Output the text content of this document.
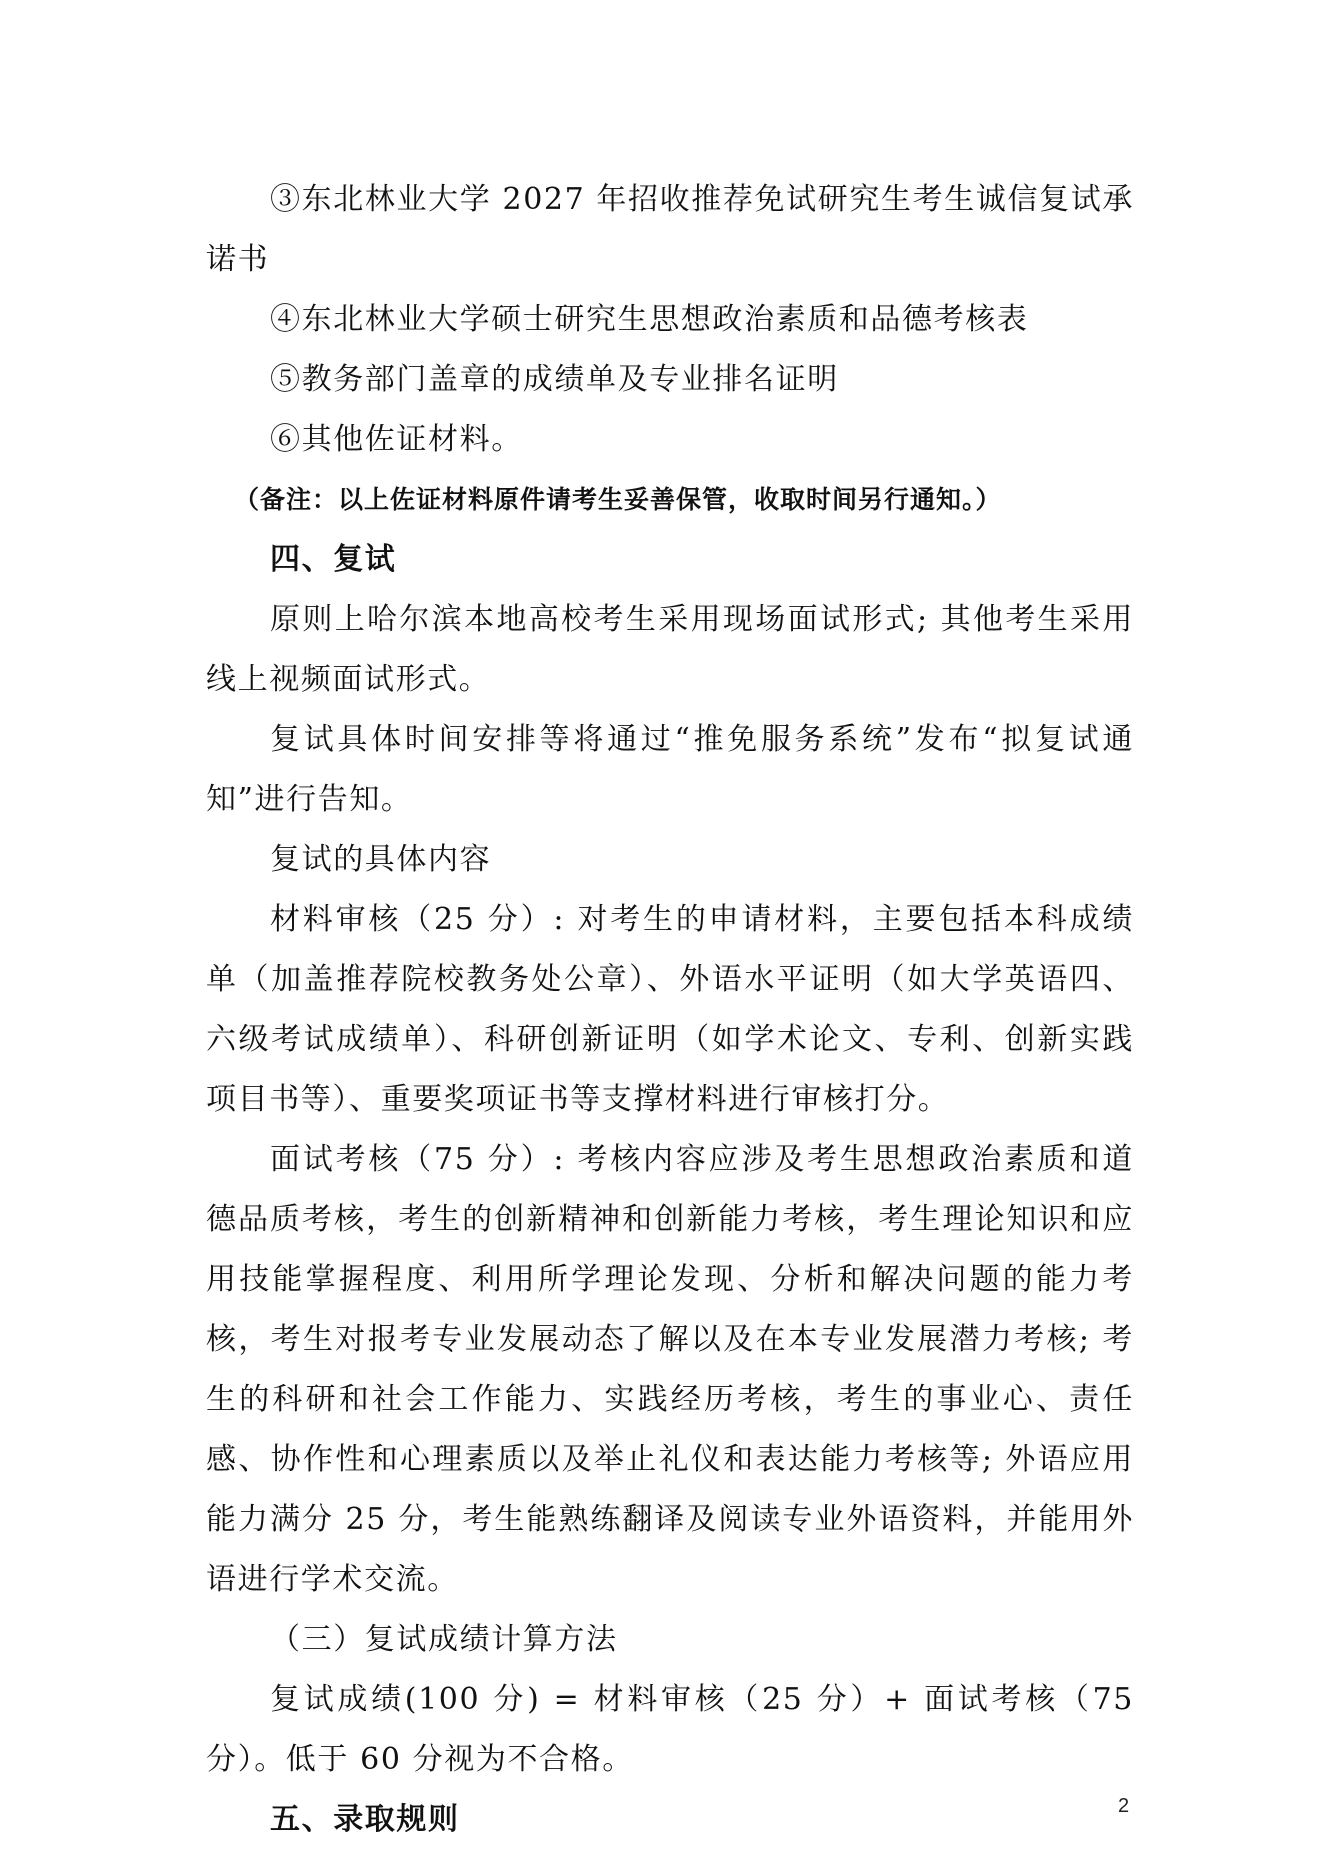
③东北林业大学 2027 年招收推荐免试研究生考生诚信复试承诺书

④东北林业大学硕士研究生思想政治素质和品德考核表

⑤教务部门盖章的成绩单及专业排名证明

⑥其他佐证材料。

（备注：以上佐证材料原件请考生妥善保管，收取时间另行通知。）

四、复试

原则上哈尔滨本地高校考生采用现场面试形式; 其他考生采用线上视频面试形式。

复试具体时间安排等将通过“推免服务系统”发布“拟复试通知”进行告知。

复试的具体内容

材料审核（25 分）: 对考生的申请材料，主要包括本科成绩单（加盖推荐院校教务处公章）、外语水平证明（如大学英语四、六级考试成绩单）、科研创新证明（如学术论文、专利、创新实践项目书等）、重要奖项证书等支撑材料进行审核打分。

面试考核（75 分）: 考核内容应涉及考生思想政治素质和道德品质考核，考生的创新精神和创新能力考核，考生理论知识和应用技能掌握程度、利用所学理论发现、分析和解决问题的能力考核，考生对报考专业发展动态了解以及在本专业发展潜力考核; 考生的科研和社会工作能力、实践经历考核，考生的事业心、责任感、协作性和心理素质以及举止礼仪和表达能力考核等; 外语应用能力满分 25 分，考生能熟练翻译及阅读专业外语资料，并能用外语进行学术交流。

（三）复试成绩计算方法

复试成绩(100 分) = 材料审核（25 分）+ 面试考核（75 分）。低于 60 分视为不合格。

五、录取规则	2
